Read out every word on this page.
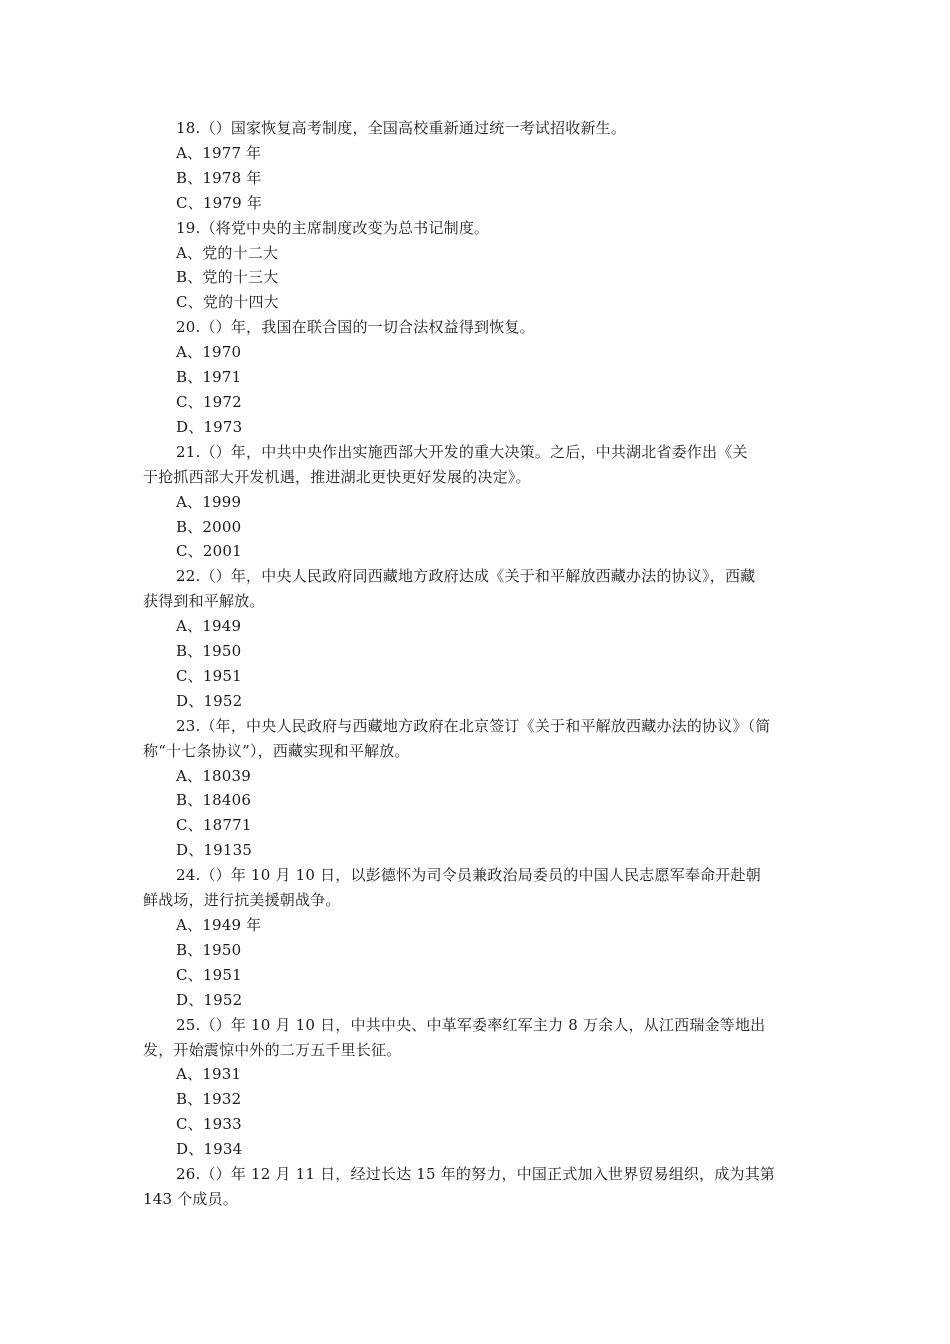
18.（）国家恢复高考制度，全国高校重新通过统一考试招收新生。
A、1977 年
B、1978 年
C、1979 年
19.（将党中央的主席制度改变为总书记制度。
A、党的十二大
B、党的十三大
C、党的十四大
20.（）年，我国在联合国的一切合法权益得到恢复。
A、1970
B、1971
C、1972
D、1973
21.（）年，中共中央作出实施西部大开发的重大决策。之后，中共湖北省委作出《关
于抢抓西部大开发机遇，推进湖北更快更好发展的决定》。
A、1999
B、2000
C、2001
22.（）年，中央人民政府同西藏地方政府达成《关于和平解放西藏办法的协议》，西藏
获得到和平解放。
A、1949
B、1950
C、1951
D、1952
23.（年，中央人民政府与西藏地方政府在北京签订《关于和平解放西藏办法的协议》（简
称“十七条协议”），西藏实现和平解放。
A、18039
B、18406
C、18771
D、19135
24.（）年 10 月 10 日，以彭德怀为司令员兼政治局委员的中国人民志愿军奉命开赴朝
鲜战场，进行抗美援朝战争。
A、1949 年
B、1950
C、1951
D、1952
25.（）年 10 月 10 日，中共中央、中革军委率红军主力 8 万余人，从江西瑞金等地出
发，开始震惊中外的二万五千里长征。
A、1931
B、1932
C、1933
D、1934
26.（）年 12 月 11 日，经过长达 15 年的努力，中国正式加入世界贸易组织，成为其第
143 个成员。
